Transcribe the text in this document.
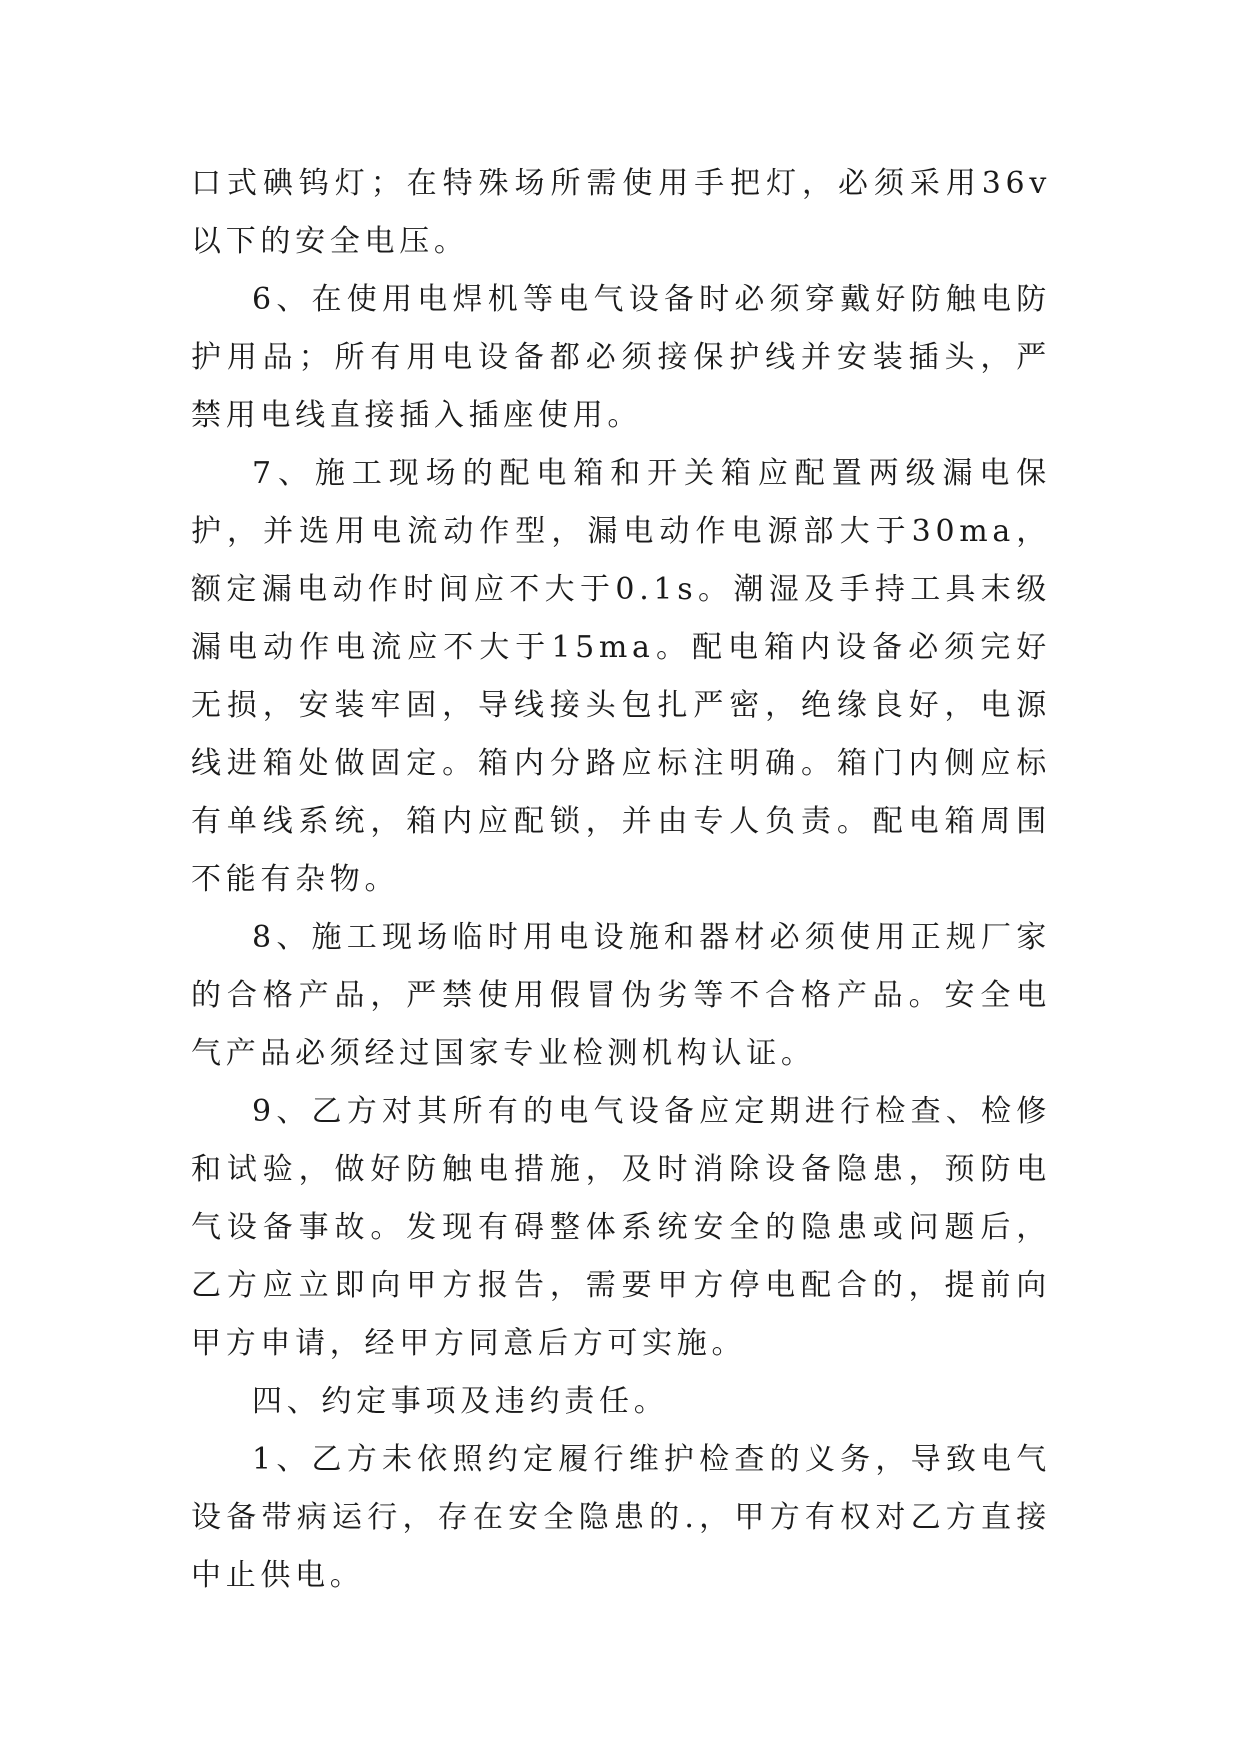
口式碘钨灯；在特殊场所需使用手把灯，必须采用36v以下的安全电压。

6、在使用电焊机等电气设备时必须穿戴好防触电防护用品；所有用电设备都必须接保护线并安装插头，严禁用电线直接插入插座使用。

7、施工现场的配电箱和开关箱应配置两级漏电保护，并选用电流动作型，漏电动作电源部大于30ma，额定漏电动作时间应不大于0.1s。潮湿及手持工具末级漏电动作电流应不大于15ma。配电箱内设备必须完好无损，安装牢固，导线接头包扎严密，绝缘良好，电源线进箱处做固定。箱内分路应标注明确。箱门内侧应标有单线系统，箱内应配锁，并由专人负责。配电箱周围不能有杂物。

8、施工现场临时用电设施和器材必须使用正规厂家的合格产品，严禁使用假冒伪劣等不合格产品。安全电气产品必须经过国家专业检测机构认证。

9、乙方对其所有的电气设备应定期进行检查、检修和试验，做好防触电措施，及时消除设备隐患，预防电气设备事故。发现有碍整体系统安全的隐患或问题后，乙方应立即向甲方报告，需要甲方停电配合的，提前向甲方申请，经甲方同意后方可实施。

四、约定事项及违约责任。

1、乙方未依照约定履行维护检查的义务，导致电气设备带病运行，存在安全隐患的.，甲方有权对乙方直接中止供电。
